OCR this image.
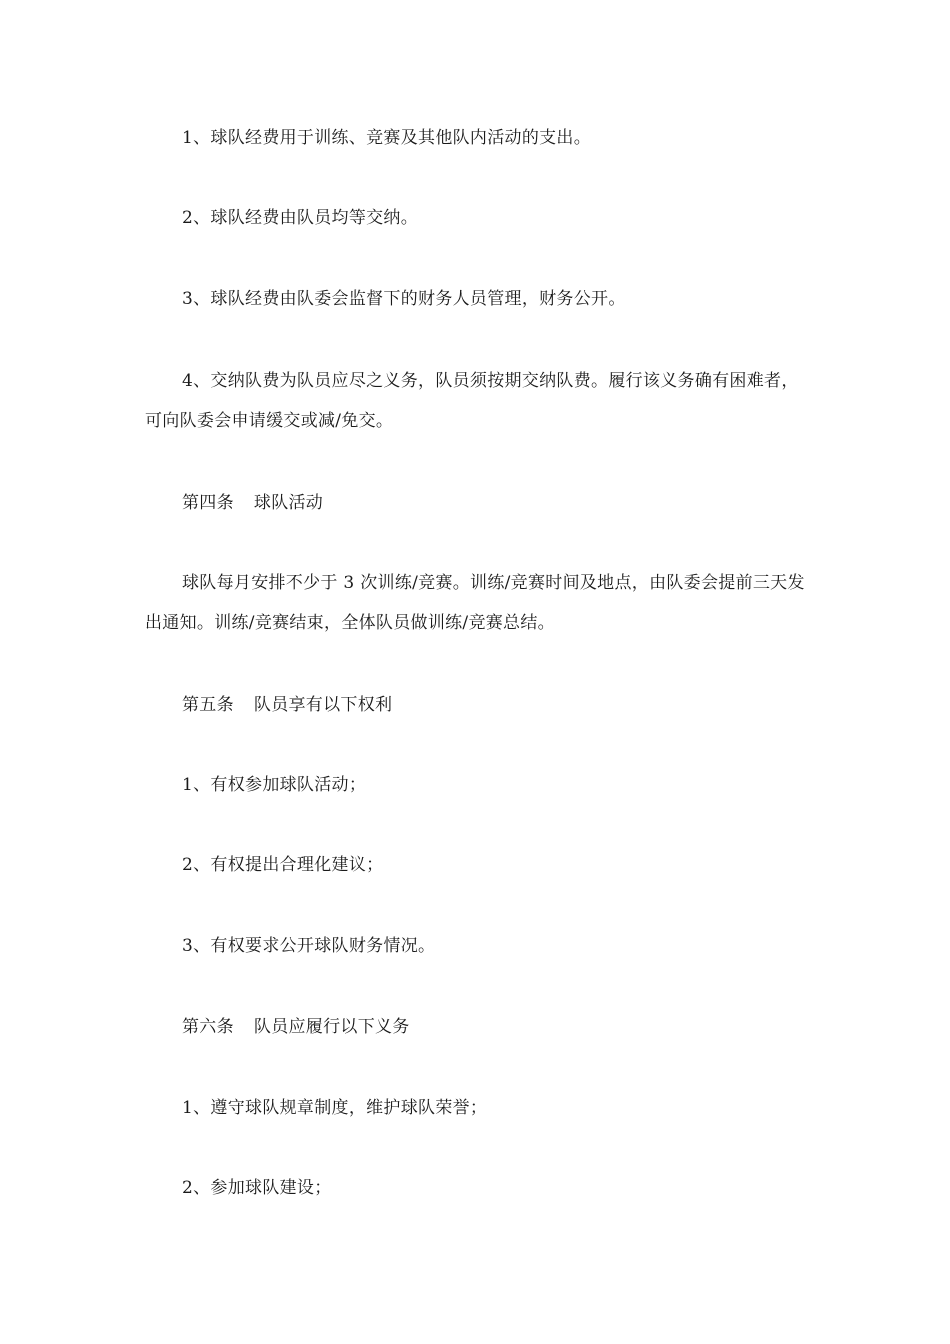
1、球队经费用于训练、竞赛及其他队内活动的支出。

2、球队经费由队员均等交纳。

3、球队经费由队委会监督下的财务人员管理，财务公开。

4、交纳队费为队员应尽之义务，队员须按期交纳队费。履行该义务确有困难者，可向队委会申请缓交或减/免交。

第四条 球队活动

球队每月安排不少于 3 次训练/竞赛。训练/竞赛时间及地点，由队委会提前三天发出通知。训练/竞赛结束，全体队员做训练/竞赛总结。

第五条 队员享有以下权利

1、有权参加球队活动；

2、有权提出合理化建议；

3、有权要求公开球队财务情况。

第六条 队员应履行以下义务

1、遵守球队规章制度，维护球队荣誉；

2、参加球队建设；
